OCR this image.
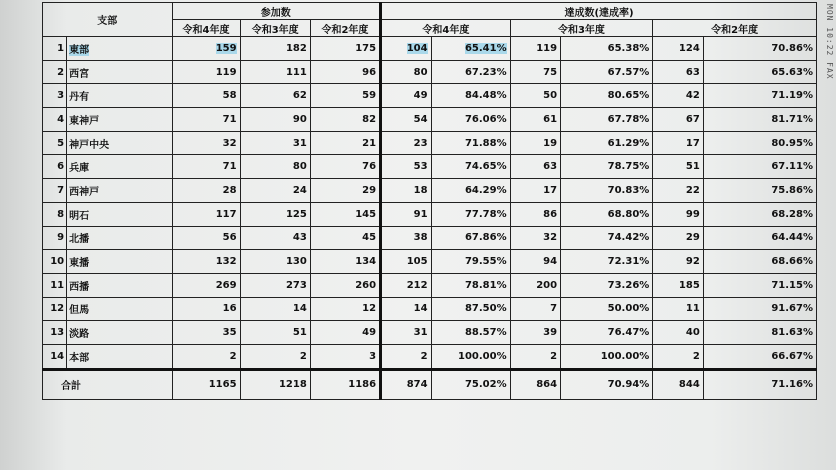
MON 10:22 FAX
支部		参加数			達成数(達成率)					
		令和4年度	令和3年度	令和2年度	令和4年度		令和3年度		令和2年度	
1	東部	159	182	175	104	65.41%	119	65.38%	124	70.86%
2	西宮	119	111	96	80	67.23%	75	67.57%	63	65.63%
3	丹有	58	62	59	49	84.48%	50	80.65%	42	71.19%
4	東神戸	71	90	82	54	76.06%	61	67.78%	67	81.71%
5	神戸中央	32	31	21	23	71.88%	19	61.29%	17	80.95%
6	兵庫	71	80	76	53	74.65%	63	78.75%	51	67.11%
7	西神戸	28	24	29	18	64.29%	17	70.83%	22	75.86%
8	明石	117	125	145	91	77.78%	86	68.80%	99	68.28%
9	北播	56	43	45	38	67.86%	32	74.42%	29	64.44%
10	東播	132	130	134	105	79.55%	94	72.31%	92	68.66%
11	西播	269	273	260	212	78.81%	200	73.26%	185	71.15%
12	但馬	16	14	12	14	87.50%	7	50.00%	11	91.67%
13	淡路	35	51	49	31	88.57%	39	76.47%	40	81.63%
14	本部	2	2	3	2	100.00%	2	100.00%	2	66.67%
合計		1165	1218	1186	874	75.02%	864	70.94%	844	71.16%
